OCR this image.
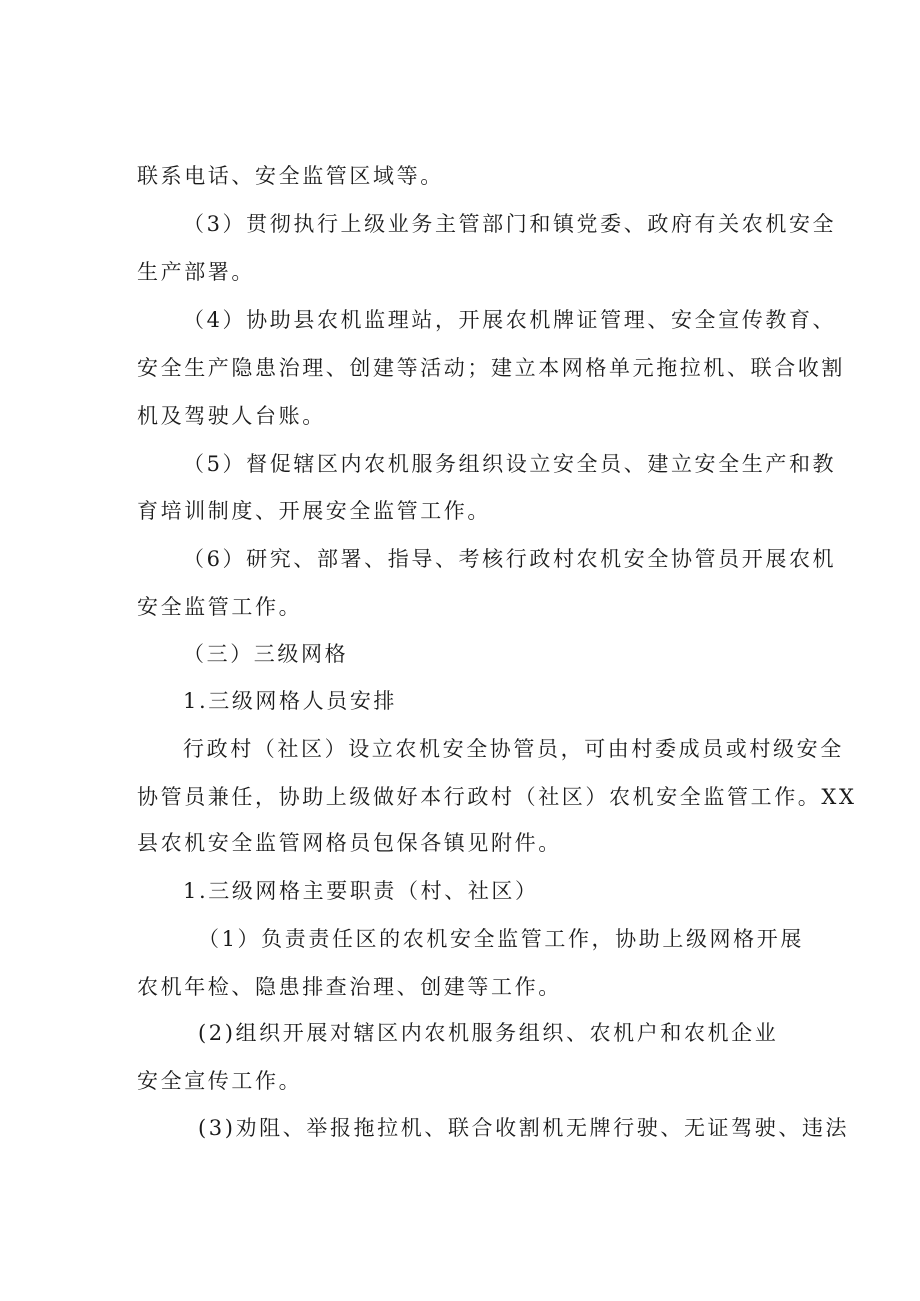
联系电话、安全监管区域等。
（3）贯彻执行上级业务主管部门和镇党委、政府有关农机安全
生产部署。
（4）协助县农机监理站，开展农机牌证管理、安全宣传教育、
安全生产隐患治理、创建等活动；建立本网格单元拖拉机、联合收割
机及驾驶人台账。
（5）督促辖区内农机服务组织设立安全员、建立安全生产和教
育培训制度、开展安全监管工作。
（6）研究、部署、指导、考核行政村农机安全协管员开展农机
安全监管工作。
（三）三级网格
1.三级网格人员安排
行政村（社区）设立农机安全协管员，可由村委成员或村级安全
协管员兼任，协助上级做好本行政村（社区）农机安全监管工作。XX
县农机安全监管网格员包保各镇见附件。
1.三级网格主要职责（村、社区）
（1）负责责任区的农机安全监管工作，协助上级网格开展
农机年检、隐患排查治理、创建等工作。
(2)组织开展对辖区内农机服务组织、农机户和农机企业
安全宣传工作。
(3)劝阻、举报拖拉机、联合收割机无牌行驶、无证驾驶、违法
